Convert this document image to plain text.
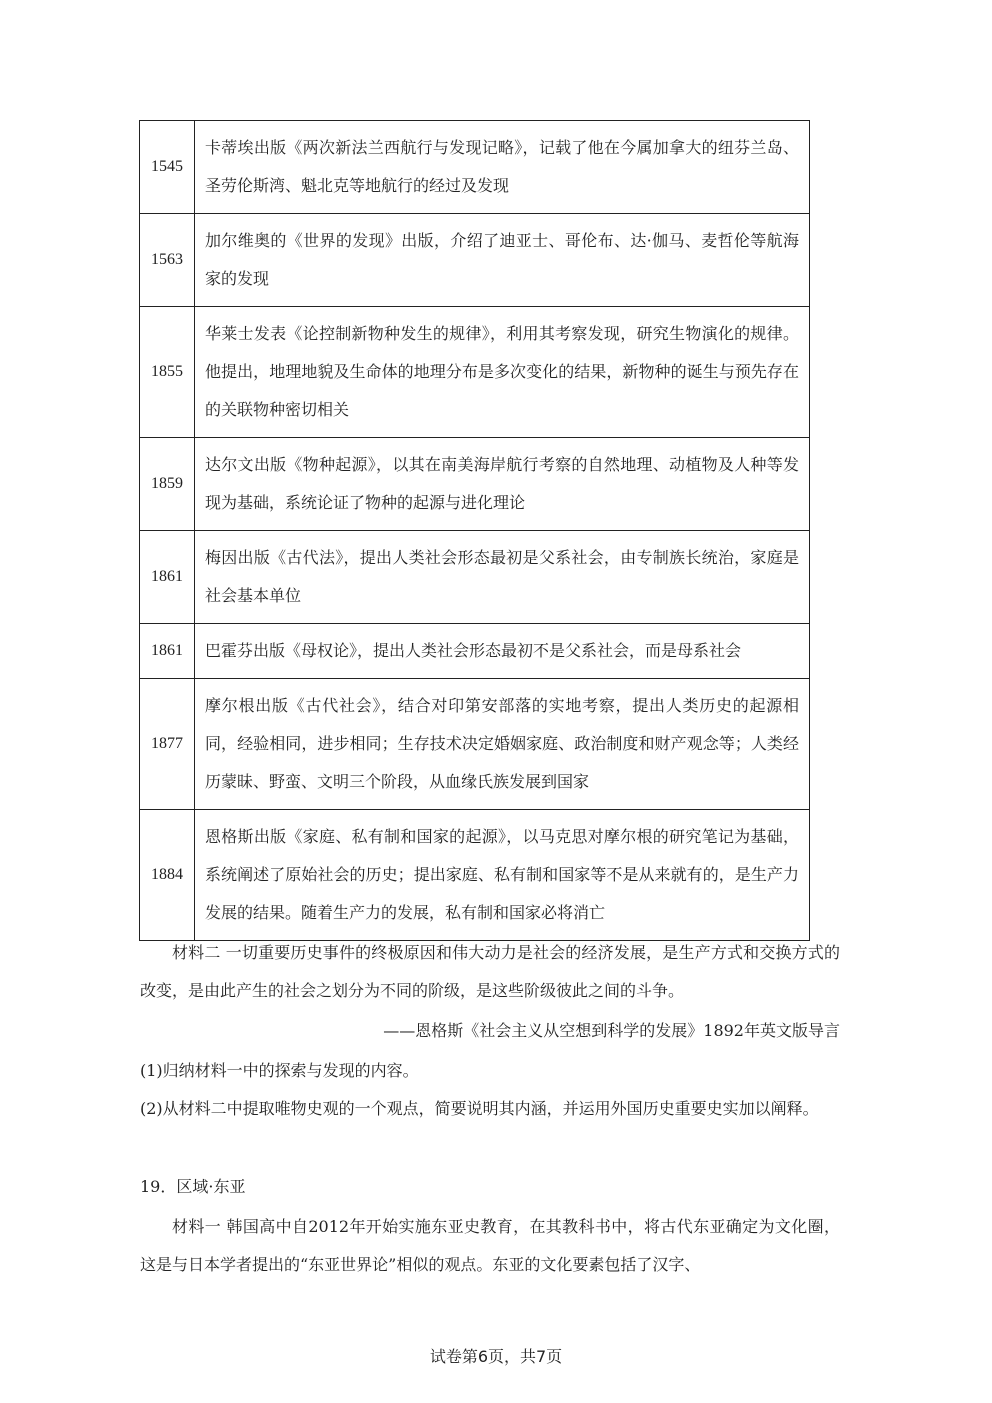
1545	卡蒂埃出版《两次新法兰西航行与发现记略》，记载了他在今属加拿大的纽芬兰岛、圣劳伦斯湾、魁北克等地航行的经过及发现
1563	加尔维奥的《世界的发现》出版，介绍了迪亚士、哥伦布、达·伽马、麦哲伦等航海家的发现
1855	华莱士发表《论控制新物种发生的规律》，利用其考察发现，研究生物演化的规律。他提出，地理地貌及生命体的地理分布是多次变化的结果，新物种的诞生与预先存在的关联物种密切相关
1859	达尔文出版《物种起源》，以其在南美海岸航行考察的自然地理、动植物及人种等发现为基础，系统论证了物种的起源与进化理论
1861	梅因出版《古代法》，提出人类社会形态最初是父系社会，由专制族长统治，家庭是社会基本单位
1861	巴霍芬出版《母权论》，提出人类社会形态最初不是父系社会，而是母系社会
1877	摩尔根出版《古代社会》，结合对印第安部落的实地考察，提出人类历史的起源相同，经验相同，进步相同；生存技术决定婚姻家庭、政治制度和财产观念等；人类经历蒙昧、野蛮、文明三个阶段，从血缘氏族发展到国家
1884	恩格斯出版《家庭、私有制和国家的起源》，以马克思对摩尔根的研究笔记为基础，系统阐述了原始社会的历史；提出家庭、私有制和国家等不是从来就有的，是生产力发展的结果。随着生产力的发展，私有制和国家必将消亡
材料二 一切重要历史事件的终极原因和伟大动力是社会的经济发展，是生产方式和交换方式的改变，是由此产生的社会之划分为不同的阶级，是这些阶级彼此之间的斗争。
——恩格斯《社会主义从空想到科学的发展》1892年英文版导言
(1)归纳材料一中的探索与发现的内容。
(2)从材料二中提取唯物史观的一个观点，简要说明其内涵，并运用外国历史重要史实加以阐释。
19．区域·东亚
材料一 韩国高中自2012年开始实施东亚史教育，在其教科书中，将古代东亚确定为文化圈，这是与日本学者提出的“东亚世界论”相似的观点。东亚的文化要素包括了汉字、
试卷第6页，共7页
